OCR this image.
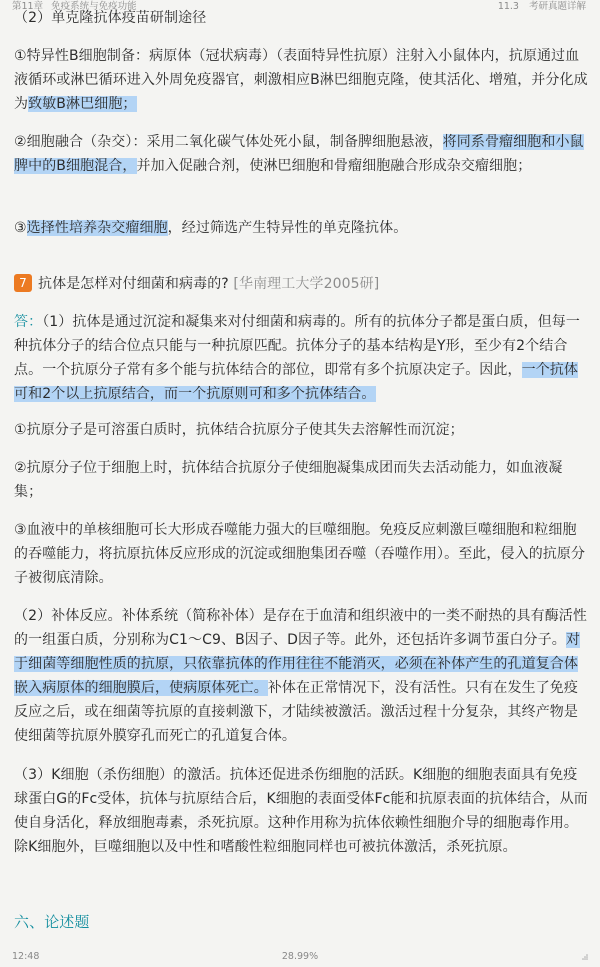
第11章 免疫系统与免疫功能	11.3 考研真题详解
（2）单克隆抗体疫苗研制途径
①特异性B细胞制备：病原体（冠状病毒）（表面特异性抗原）注射入小鼠体内，抗原通过血液循环或淋巴循环进入外周免疫器官，刺激相应B淋巴细胞克隆，使其活化、增殖，并分化成为致敏B淋巴细胞；
②细胞融合（杂交）：采用二氧化碳气体处死小鼠，制备脾细胞悬液，将同系骨瘤细胞和小鼠脾中的B细胞混合，并加入促融合剂，使淋巴细胞和骨瘤细胞融合形成杂交瘤细胞；
③选择性培养杂交瘤细胞，经过筛选产生特异性的单克隆抗体。
7 抗体是怎样对付细菌和病毒的? [华南理工大学2005研]
答：（1）抗体是通过沉淀和凝集来对付细菌和病毒的。所有的抗体分子都是蛋白质，但每一种抗体分子的结合位点只能与一种抗原匹配。抗体分子的基本结构是Y形，至少有2个结合点。一个抗原分子常有多个能与抗体结合的部位，即常有多个抗原决定子。因此，一个抗体可和2个以上抗原结合，而一个抗原则可和多个抗体结合。
①抗原分子是可溶蛋白质时，抗体结合抗原分子使其失去溶解性而沉淀；
②抗原分子位于细胞上时，抗体结合抗原分子使细胞凝集成团而失去活动能力，如血液凝集；
③血液中的单核细胞可长大形成吞噬能力强大的巨噬细胞。免疫反应刺激巨噬细胞和粒细胞的吞噬能力，将抗原抗体反应形成的沉淀或细胞集团吞噬（吞噬作用）。至此，侵入的抗原分子被彻底清除。
（2）补体反应。补体系统（简称补体）是存在于血清和组织液中的一类不耐热的具有酶活性的一组蛋白质，分别称为C1～C9、B因子、D因子等。此外，还包括许多调节蛋白分子。对于细菌等细胞性质的抗原，只依靠抗体的作用往往不能消灭，必须在补体产生的孔道复合体嵌入病原体的细胞膜后，使病原体死亡。补体在正常情况下，没有活性。只有在发生了免疫反应之后，或在细菌等抗原的直接刺激下，才陆续被激活。激活过程十分复杂，其终产物是使细菌等抗原外膜穿孔而死亡的孔道复合体。
（3）K细胞（杀伤细胞）的激活。抗体还促进杀伤细胞的活跃。K细胞的细胞表面具有免疫球蛋白G的Fc受体，抗体与抗原结合后，K细胞的表面受体Fc能和抗原表面的抗体结合，从而使自身活化，释放细胞毒素，杀死抗原。这种作用称为抗体依赖性细胞介导的细胞毒作用。除K细胞外，巨噬细胞以及中性和嗜酸性粒细胞同样也可被抗体激活，杀死抗原。
六、论述题
12:48	28.99%
